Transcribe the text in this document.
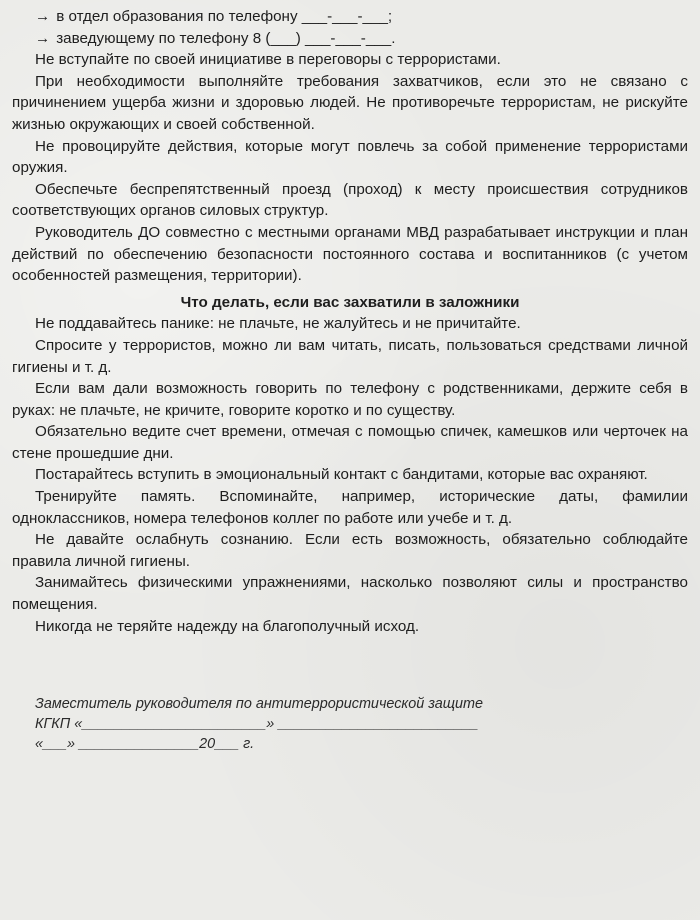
→ в отдел образования по телефону ___-___-___;

→ заведующему по телефону 8 (___) ___-___-___.

Не вступайте по своей инициативе в переговоры с террористами.

При необходимости выполняйте требования захватчиков, если это не связано с причинением ущерба жизни и здоровью людей. Не противоречьте террористам, не рискуйте жизнью окружающих и своей собственной.

Не провоцируйте действия, которые могут повлечь за собой применение террористами оружия.

Обеспечьте беспрепятственный проезд (проход) к месту происшествия сотрудников соответствующих органов силовых структур.

Руководитель ДО совместно с местными органами МВД разрабатывает инструкции и план действий по обеспечению безопасности постоянного состава и воспитанников (с учетом особенностей размещения, территории).

Что делать, если вас захватили в заложники

Не поддавайтесь панике: не плачьте, не жалуйтесь и не причитайте.

Спросите у террористов, можно ли вам читать, писать, пользоваться средствами личной гигиены и т. д.

Если вам дали возможность говорить по телефону с родственниками, держите себя в руках: не плачьте, не кричите, говорите коротко и по существу.

Обязательно ведите счет времени, отмечая с помощью спичек, камешков или черточек на стене прошедшие дни.

Постарайтесь вступить в эмоциональный контакт с бандитами, которые вас охраняют.

Тренируйте память. Вспоминайте, например, исторические даты, фамилии одноклассников, номера телефонов коллег по работе или учебе и т. д.

Не давайте ослабнуть сознанию. Если есть возможность, обязательно соблюдайте правила личной гигиены.

Занимайтесь физическими упражнениями, насколько позволяют силы и пространство помещения.

Никогда не теряйте надежду на благополучный исход.

Заместитель руководителя по антитеррористической защите
КГКП «_______________________» _________________________
«___» _______________20___ г.
